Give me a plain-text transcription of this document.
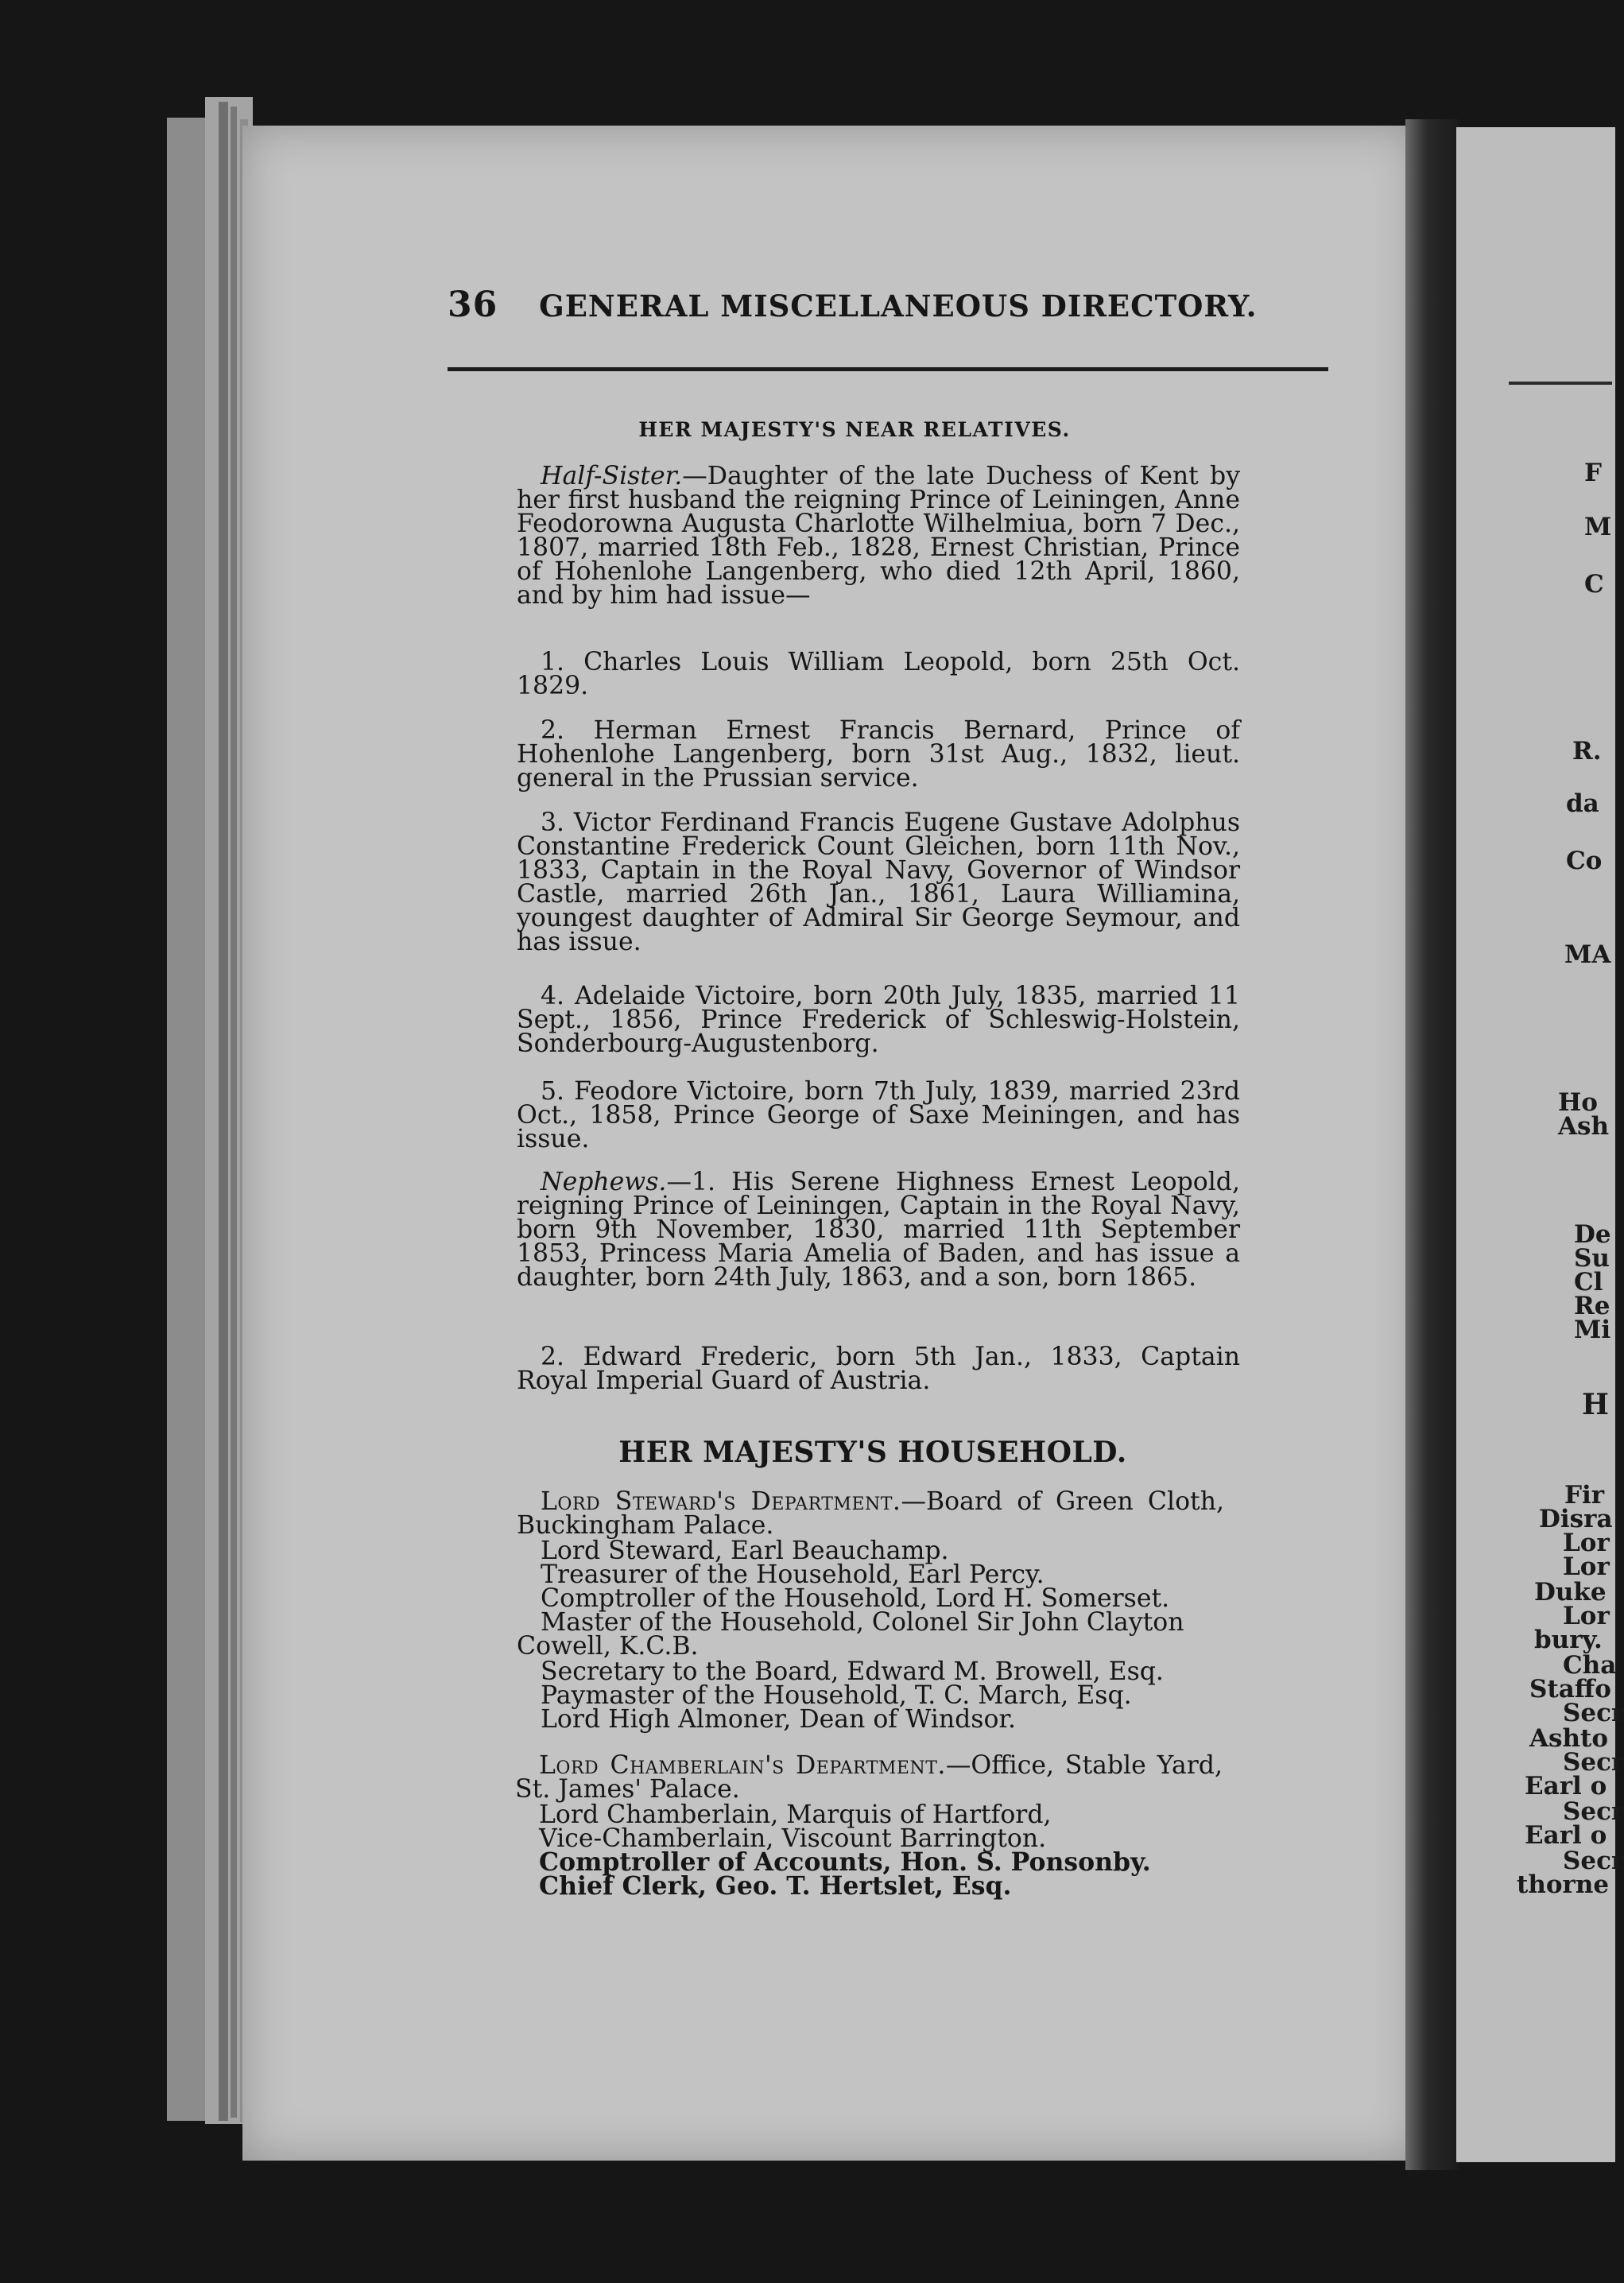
36 GENERAL MISCELLANEOUS DIRECTORY.
HER MAJESTY'S NEAR RELATIVES.
Half-Sister.—Daughter of the late Duchess of Kent by her first husband the reigning Prince of Leiningen, Anne Feodorowna Augusta Charlotte Wilhelmiua, born 7 Dec., 1807, married 18th Feb., 1828, Ernest Christian, Prince of Hohenlohe Langenberg, who died 12th April, 1860, and by him had issue—
1. Charles Louis William Leopold, born 25th Oct. 1829.
2. Herman Ernest Francis Bernard, Prince of Hohenlohe Langenberg, born 31st Aug., 1832, lieut. general in the Prussian service.
3. Victor Ferdinand Francis Eugene Gustave Adolphus Constantine Frederick Count Gleichen, born 11th Nov., 1833, Captain in the Royal Navy, Governor of Windsor Castle, married 26th Jan., 1861, Laura Williamina, youngest daughter of Admiral Sir George Seymour, and has issue.
4. Adelaide Victoire, born 20th July, 1835, married 11 Sept., 1856, Prince Frederick of Schleswig-Holstein, Sonderbourg-Augustenborg.
5. Feodore Victoire, born 7th July, 1839, married 23rd Oct., 1858, Prince George of Saxe Meiningen, and has issue.
Nephews.—1. His Serene Highness Ernest Leopold, reigning Prince of Leiningen, Captain in the Royal Navy, born 9th November, 1830, married 11th September 1853, Princess Maria Amelia of Baden, and has issue a daughter, born 24th July, 1863, and a son, born 1865.
2. Edward Frederic, born 5th Jan., 1833, Captain Royal Imperial Guard of Austria.
HER MAJESTY'S HOUSEHOLD.
Lord Steward's Department.—Board of Green Cloth, Buckingham Palace.
Lord Steward, Earl Beauchamp.
Treasurer of the Household, Earl Percy.
Comptroller of the Household, Lord H. Somerset.
Master of the Household, Colonel Sir John Clayton
Cowell, K.C.B.
Secretary to the Board, Edward M. Browell, Esq.
Paymaster of the Household, T. C. March, Esq.
Lord High Almoner, Dean of Windsor.
Lord Chamberlain's Department.—Office, Stable Yard, St. James' Palace.
Lord Chamberlain, Marquis of Hartford,
Vice-Chamberlain, Viscount Barrington.
Comptroller of Accounts, Hon. S. Ponsonby.
Chief Clerk, Geo. T. Hertslet, Esq.
F
M
C
R.
da
Co
MA
Ho
Ash
De
Su
Cl
Re
Mi
H
Fir
Disra
Lor
Lor
Duke
Lor
bury.
Cha
Staffo
Secr
Ashto
Secr
Earl o
Secr
Earl o
Secr
thorne
